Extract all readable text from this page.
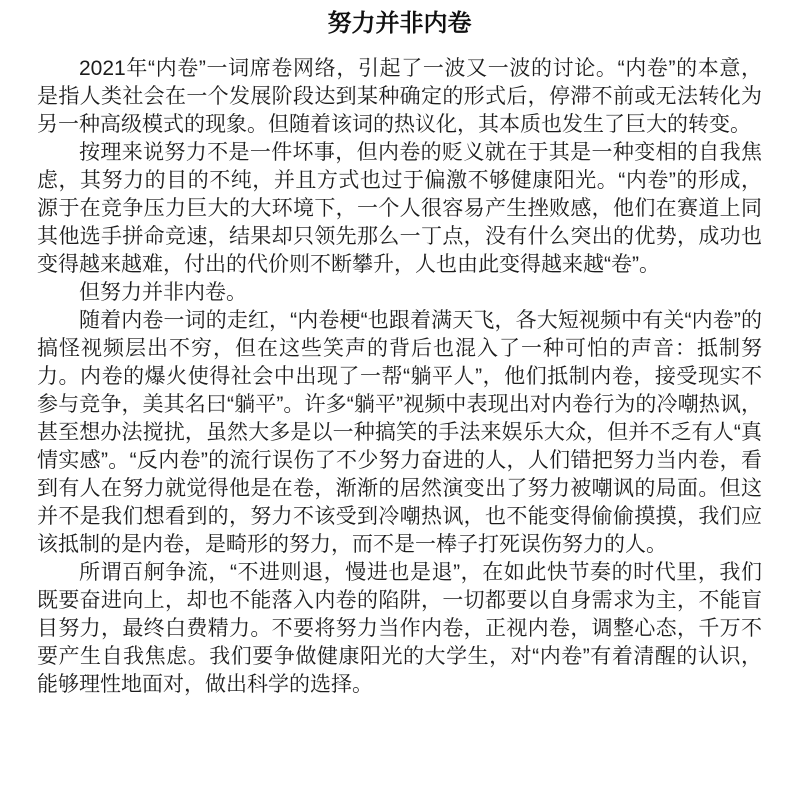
努力并非内卷

2021年“内卷”一词席卷网络，引起了一波又一波的讨论。“内卷”的本意，是指人类社会在一个发展阶段达到某种确定的形式后，停滞不前或无法转化为另一种高级模式的现象。但随着该词的热议化，其本质也发生了巨大的转变。

按理来说努力不是一件坏事，但内卷的贬义就在于其是一种变相的自我焦虑，其努力的目的不纯，并且方式也过于偏激不够健康阳光。“内卷”的形成，源于在竞争压力巨大的大环境下，一个人很容易产生挫败感，他们在赛道上同其他选手拼命竞速，结果却只领先那么一丁点，没有什么突出的优势，成功也变得越来越难，付出的代价则不断攀升，人也由此变得越来越“卷”。

但努力并非内卷。

随着内卷一词的走红，“内卷梗“也跟着满天飞，各大短视频中有关“内卷”的搞怪视频层出不穷，但在这些笑声的背后也混入了一种可怕的声音：抵制努力。内卷的爆火使得社会中出现了一帮“躺平人”，他们抵制内卷，接受现实不参与竞争，美其名曰“躺平”。许多“躺平”视频中表现出对内卷行为的冷嘲热讽，甚至想办法搅扰，虽然大多是以一种搞笑的手法来娱乐大众，但并不乏有人“真情实感”。“反内卷”的流行误伤了不少努力奋进的人，人们错把努力当内卷，看到有人在努力就觉得他是在卷，渐渐的居然演变出了努力被嘲讽的局面。但这并不是我们想看到的，努力不该受到冷嘲热讽，也不能变得偷偷摸摸，我们应该抵制的是内卷，是畸形的努力，而不是一棒子打死误伤努力的人。

所谓百舸争流，“不进则退，慢进也是退”，在如此快节奏的时代里，我们既要奋进向上，却也不能落入内卷的陷阱，一切都要以自身需求为主，不能盲目努力，最终白费精力。不要将努力当作内卷，正视内卷，调整心态，千万不要产生自我焦虑。我们要争做健康阳光的大学生，对“内卷”有着清醒的认识，能够理性地面对，做出科学的选择。
